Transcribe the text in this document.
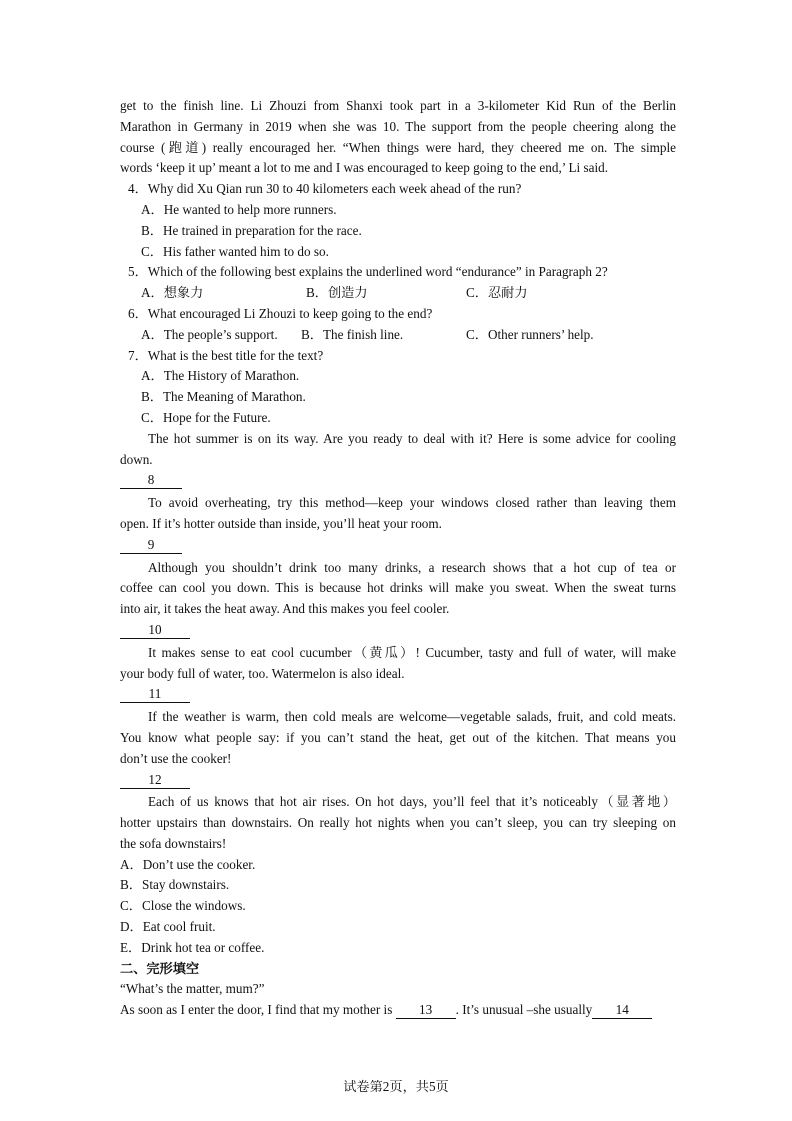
get to the finish line. Li Zhouzi from Shanxi took part in a 3-kilometer Kid Run of the Berlin
Marathon in Germany in 2019 when she was 10. The support from the people cheering along the
course (跑道) really encouraged her. “When things were hard, they cheered me on. The simple
words ‘keep it up’ meant a lot to me and I was encouraged to keep going to the end,’ Li said.
4．Why did Xu Qian run 30 to 40 kilometers each week ahead of the run?
A．He wanted to help more runners.
B．He trained in preparation for the race.
C．His father wanted him to do so.
5．Which of the following best explains the underlined word “endurance” in Paragraph 2?
A．想象力	B．创造力	C．忍耐力
6．What encouraged Li Zhouzi to keep going to the end?
A．The people’s support. B．The finish line.	C．Other runners’ help.
7．What is the best title for the text?
A．The History of Marathon.
B．The Meaning of Marathon.
C．Hope for the Future.
The hot summer is on its way. Are you ready to deal with it? Here is some advice for cooling
down.
8
To avoid overheating, try this method—keep your windows closed rather than leaving them
open. If it’s hotter outside than inside, you’ll heat your room.
9
Although you shouldn’t drink too many drinks, a research shows that a hot cup of tea or
coffee can cool you down. This is because hot drinks will make you sweat. When the sweat turns
into air, it takes the heat away. And this makes you feel cooler.
10
It makes sense to eat cool cucumber（黄瓜）! Cucumber, tasty and full of water, will make
your body full of water, too. Watermelon is also ideal.
11
If the weather is warm, then cold meals are welcome—vegetable salads, fruit, and cold meats.
You know what people say: if you can’t stand the heat, get out of the kitchen. That means you
don’t use the cooker!
12
Each of us knows that hot air rises. On hot days, you’ll feel that it’s noticeably（显著地）
hotter upstairs than downstairs. On really hot nights when you can’t sleep, you can try sleeping on
the sofa downstairs!
A．Don’t use the cooker.
B．Stay downstairs.
C．Close the windows.
D．Eat cool fruit.
E．Drink hot tea or coffee.
二、完形填空
“What’s the matter, mum?”
As soon as I enter the door, I find that my mother is 13 . It’s unusual –she usually 14
试卷第2页，共5页
